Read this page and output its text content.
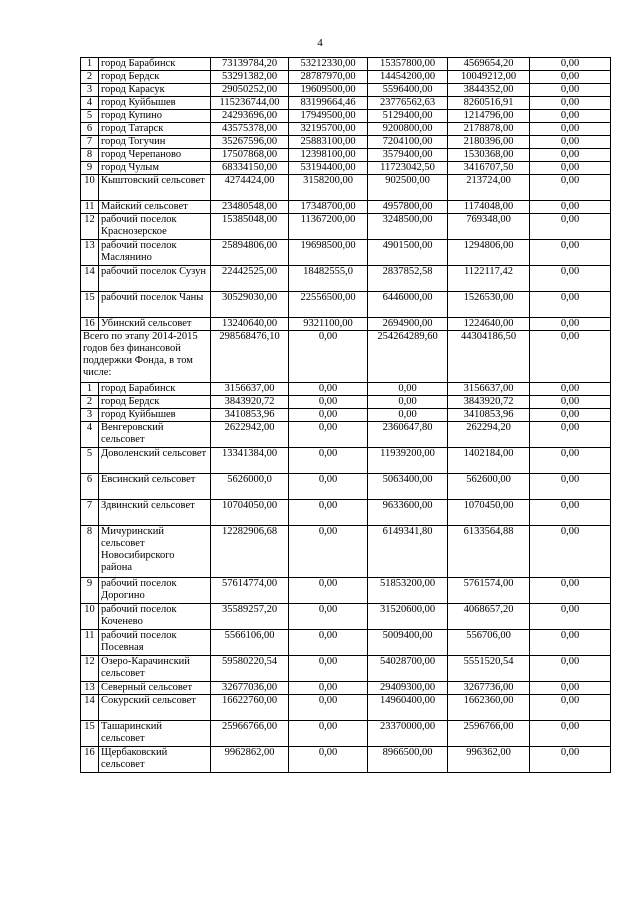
4
1	город Барабинск	73139784,20	53212330,00	15357800,00	4569654,20	0,00
2	город Бердск	53291382,00	28787970,00	14454200,00	10049212,00	0,00
3	город Карасук	29050252,00	19609500,00	5596400,00	3844352,00	0,00
4	город Куйбышев	115236744,00	83199664,46	23776562,63	8260516,91	0,00
5	город Купино	24293696,00	17949500,00	5129400,00	1214796,00	0,00
6	город Татарск	43575378,00	32195700,00	9200800,00	2178878,00	0,00
7	город Тогучин	35267596,00	25883100,00	7204100,00	2180396,00	0,00
8	город Черепаново	17507868,00	12398100,00	3579400,00	1530368,00	0,00
9	город Чулым	68334150,00	53194400,00	11723042,50	3416707,50	0,00
10	Кыштовский сельсовет	4274424,00	3158200,00	902500,00	213724,00	0,00
11	Майский сельсовет	23480548,00	17348700,00	4957800,00	1174048,00	0,00
12	рабочий поселок Краснозерское	15385048,00	11367200,00	3248500,00	769348,00	0,00
13	рабочий поселок Маслянино	25894806,00	19698500,00	4901500,00	1294806,00	0,00
14	рабочий поселок Сузун	22442525,00	18482555,0	2837852,58	1122117,42	0,00
15	рабочий поселок Чаны	30529030,00	22556500,00	6446000,00	1526530,00	0,00
16	Убинский сельсовет	13240640,00	9321100,00	2694900,00	1224640,00	0,00
Всего по этапу 2014-2015 годов без финансовой поддержки Фонда, в том числе:		298568476,10	0,00	254264289,60	44304186,50	0,00
1	город Барабинск	3156637,00	0,00	0,00	3156637,00	0,00
2	город Бердск	3843920,72	0,00	0,00	3843920,72	0,00
3	город Куйбышев	3410853,96	0,00	0,00	3410853,96	0,00
4	Венгеровский сельсовет	2622942,00	0,00	2360647,80	262294,20	0,00
5	Доволенский сельсовет	13341384,00	0,00	11939200,00	1402184,00	0,00
6	Евсинский сельсовет	5626000,0	0,00	5063400,00	562600,00	0,00
7	Здвинский сельсовет	10704050,00	0,00	9633600,00	1070450,00	0,00
8	Мичуринский сельсовет Новосибирского района	12282906,68	0,00	6149341,80	6133564,88	0,00
9	рабочий поселок Дорогино	57614774,00	0,00	51853200,00	5761574,00	0,00
10	рабочий поселок Коченево	35589257,20	0,00	31520600,00	4068657,20	0,00
11	рабочий поселок Посевная	5566106,00	0,00	5009400,00	556706,00	0,00
12	Озеро-Карачинский сельсовет	59580220,54	0,00	54028700,00	5551520,54	0,00
13	Северный сельсовет	32677036,00	0,00	29409300,00	3267736,00	0,00
14	Сокурский сельсовет	16622760,00	0,00	14960400,00	1662360,00	0,00
15	Ташаринский сельсовет	25966766,00	0,00	23370000,00	2596766,00	0,00
16	Щербаковский сельсовет	9962862,00	0,00	8966500,00	996362,00	0,00
